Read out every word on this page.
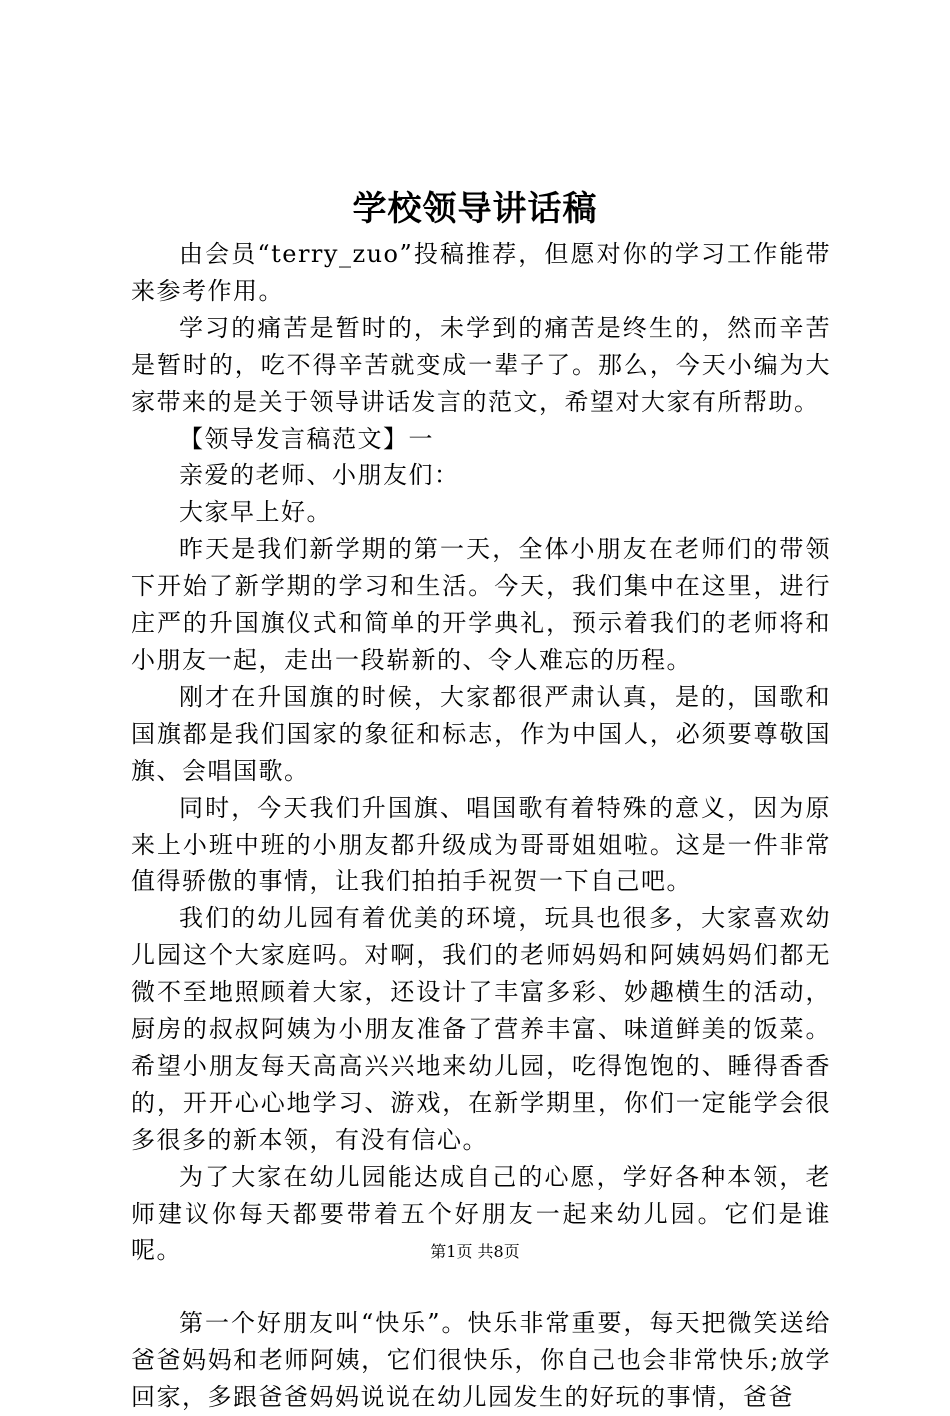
学校领导讲话稿

由会员“terry_zuo”投稿推荐，但愿对你的学习工作能带来参考作用。

学习的痛苦是暂时的，未学到的痛苦是终生的，然而辛苦是暂时的，吃不得辛苦就变成一辈子了。那么，今天小编为大家带来的是关于领导讲话发言的范文，希望对大家有所帮助。

【领导发言稿范文】一

亲爱的老师、小朋友们：

大家早上好。

昨天是我们新学期的第一天，全体小朋友在老师们的带领下开始了新学期的学习和生活。今天，我们集中在这里，进行庄严的升国旗仪式和简单的开学典礼，预示着我们的老师将和小朋友一起，走出一段崭新的、令人难忘的历程。

刚才在升国旗的时候，大家都很严肃认真，是的，国歌和国旗都是我们国家的象征和标志，作为中国人，必须要尊敬国旗、会唱国歌。

同时，今天我们升国旗、唱国歌有着特殊的意义，因为原来上小班中班的小朋友都升级成为哥哥姐姐啦。这是一件非常值得骄傲的事情，让我们拍拍手祝贺一下自己吧。

我们的幼儿园有着优美的环境，玩具也很多，大家喜欢幼儿园这个大家庭吗。对啊，我们的老师妈妈和阿姨妈妈们都无微不至地照顾着大家，还设计了丰富多彩、妙趣横生的活动，厨房的叔叔阿姨为小朋友准备了营养丰富、味道鲜美的饭菜。希望小朋友每天高高兴兴地来幼儿园，吃得饱饱的、睡得香香的，开开心心地学习、游戏，在新学期里，你们一定能学会很多很多的新本领，有没有信心。

为了大家在幼儿园能达成自己的心愿，学好各种本领，老师建议你每天都要带着五个好朋友一起来幼儿园。它们是谁呢。

第一个好朋友叫“快乐”。快乐非常重要，每天把微笑送给爸爸妈妈和老师阿姨，它们很快乐，你自己也会非常快乐;放学回家，多跟爸爸妈妈说说在幼儿园发生的好玩的事情，爸爸

第1页 共8页
